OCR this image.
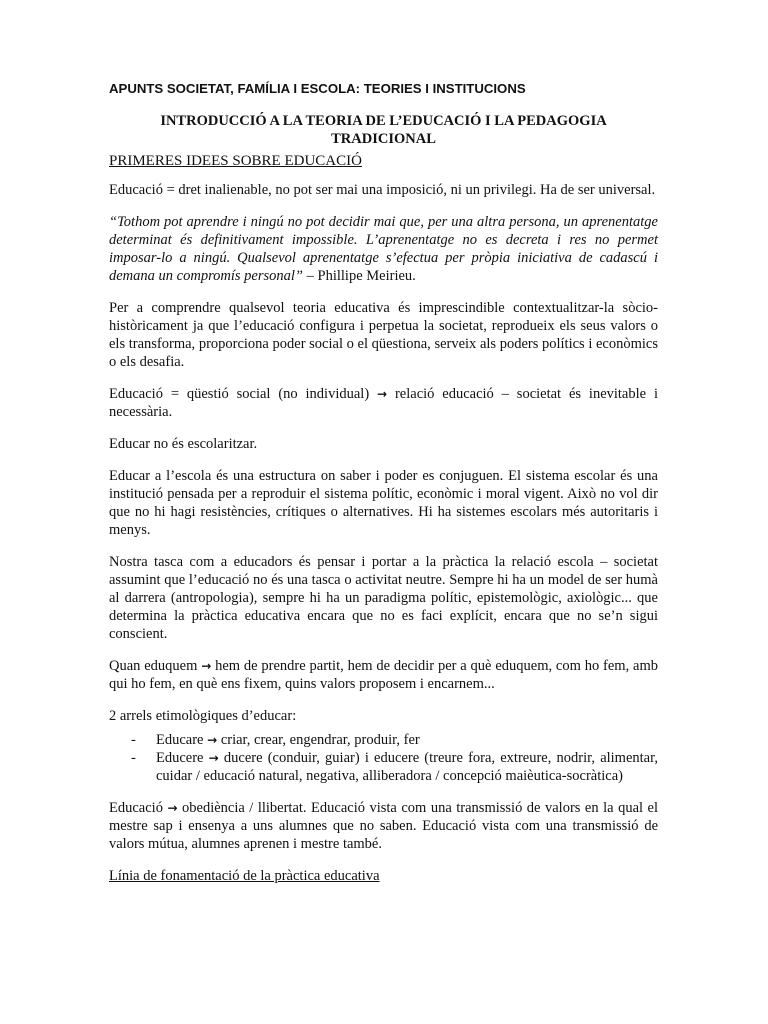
APUNTS SOCIETAT, FAMÍLIA I ESCOLA: TEORIES I INSTITUCIONS
INTRODUCCIÓ A LA TEORIA DE L’EDUCACIÓ I LA PEDAGOGIA TRADICIONAL
PRIMERES IDEES SOBRE EDUCACIÓ

Educació = dret inalienable, no pot ser mai una imposició, ni un privilegi. Ha de ser universal.

“Tothom pot aprendre i ningú no pot decidir mai que, per una altra persona, un aprenentatge determinat és definitivament impossible. L’aprenentatge no es decreta i res no permet imposar-lo a ningú. Qualsevol aprenentatge s’efectua per pròpia iniciativa de cadascú i demana un compromís personal” – Phillipe Meirieu.

Per a comprendre qualsevol teoria educativa és imprescindible contextualitzar-la sòcio-històricament ja que l’educació configura i perpetua la societat, reprodueix els seus valors o els transforma, proporciona poder social o el qüestiona, serveix als poders polítics i econòmics o els desafia.

Educació = qüestió social (no individual) → relació educació – societat és inevitable i necessària.

Educar no és escolaritzar.

Educar a l’escola és una estructura on saber i poder es conjuguen. El sistema escolar és una institució pensada per a reproduir el sistema polític, econòmic i moral vigent. Això no vol dir que no hi hagi resistències, crítiques o alternatives. Hi ha sistemes escolars més autoritaris i menys.

Nostra tasca com a educadors és pensar i portar a la pràctica la relació escola – societat assumint que l’educació no és una tasca o activitat neutre. Sempre hi ha un model de ser humà al darrera (antropologia), sempre hi ha un paradigma polític, epistemològic, axiològic... que determina la pràctica educativa encara que no es faci explícit, encara que no se’n sigui conscient.

Quan eduquem → hem de prendre partit, hem de decidir per a què eduquem, com ho fem, amb qui ho fem, en què ens fixem, quins valors proposem i encarnem...

2 arrels etimològiques d’educar:

- Educare → criar, crear, engendrar, produir, fer
- Educere → ducere (conduir, guiar) i educere (treure fora, extreure, nodrir, alimentar, cuidar / educació natural, negativa, alliberadora / concepció maièutica-socràtica)

Educació → obediència / llibertat. Educació vista com una transmissió de valors en la qual el mestre sap i ensenya a uns alumnes que no saben. Educació vista com una transmissió de valors mútua, alumnes aprenen i mestre també.

Línia de fonamentació de la pràctica educativa
